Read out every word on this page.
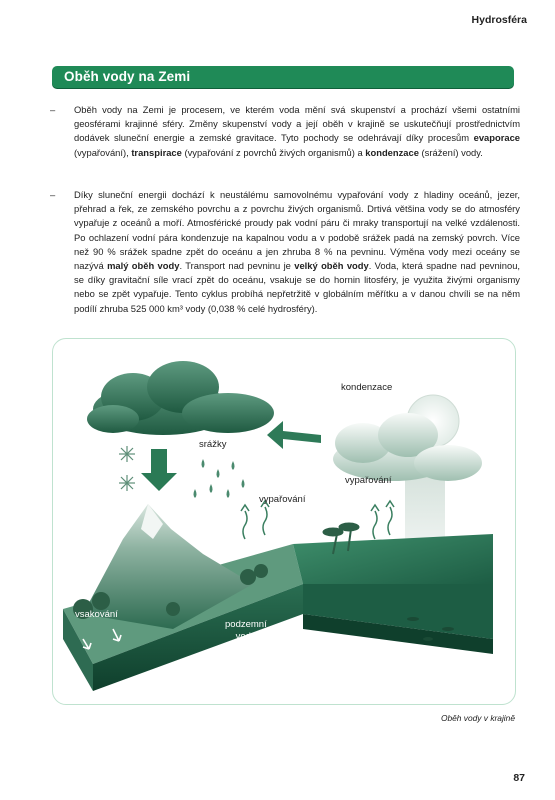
Hydrosféra
Oběh vody na Zemi
–	Oběh vody na Zemi je procesem, ve kterém voda mění svá skupenství a prochází všemi ostatními geosférami krajinné sféry. Změny skupenství vody a její oběh v krajině se uskutečňují prostřednictvím dodávek sluneční energie a zemské gravitace. Tyto pochody se odehrávají díky procesům evaporace (vypařování), transpirace (vypařování z povrchů živých organismů) a kondenzace (srážení) vody.
–	Díky sluneční energii dochází k neustálému samovolnému vypařování vody z hladiny oceánů, jezer, přehrad a řek, ze zemského povrchu a z povrchu živých organismů. Drtivá většina vody se do atmosféry vypařuje z oceánů a moří. Atmosférické proudy pak vodní páru či mraky transportují na velké vzdálenosti. Po ochlazení vodní pára kondenzuje na kapalnou vodu a v podobě srážek padá na zemský povrch. Více než 90 % srážek spadne zpět do oceánu a jen zhruba 8 % na pevninu. Výměna vody mezi oceány se nazývá malý oběh vody. Transport nad pevninu je velký oběh vody. Voda, která spadne nad pevninou, se díky gravitační síle vrací zpět do oceánu, vsakuje se do hornin litosféry, je využita živými organismy nebo se zpět vypařuje. Tento cyklus probíhá nepřetržitě v globálním měřítku a v danou chvíli se na něm podílí zhruba 525 000 km³ vody (0,038 % celé hydrosféry).
kondenzace
srážky
vypařování
vypařování
vsakování
podzemní
voda
Oběh vody v krajině
87
